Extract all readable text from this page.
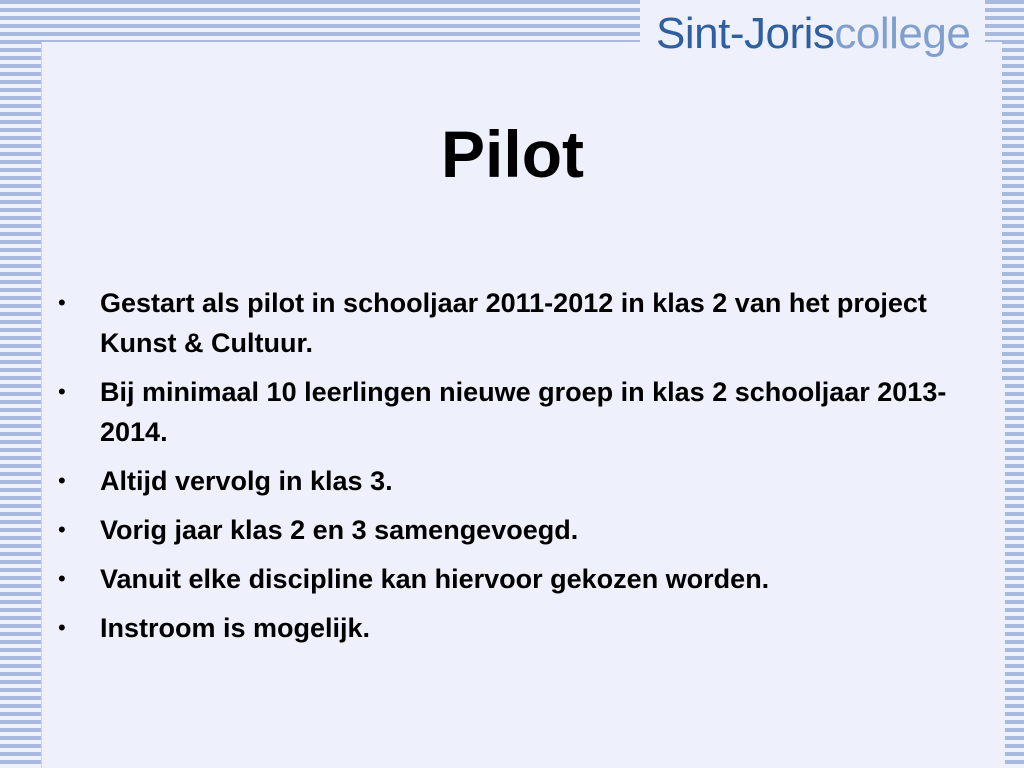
Sint-Joriscollege
Pilot
• Gestart als pilot in schooljaar 2011-2012 in klas 2 van het project Kunst & Cultuur.
• Bij minimaal 10 leerlingen nieuwe groep in klas 2 schooljaar 2013-2014.
• Altijd vervolg in klas 3.
• Vorig jaar klas 2 en 3 samengevoegd.
• Vanuit elke discipline kan hiervoor gekozen worden.
• Instroom is mogelijk.
